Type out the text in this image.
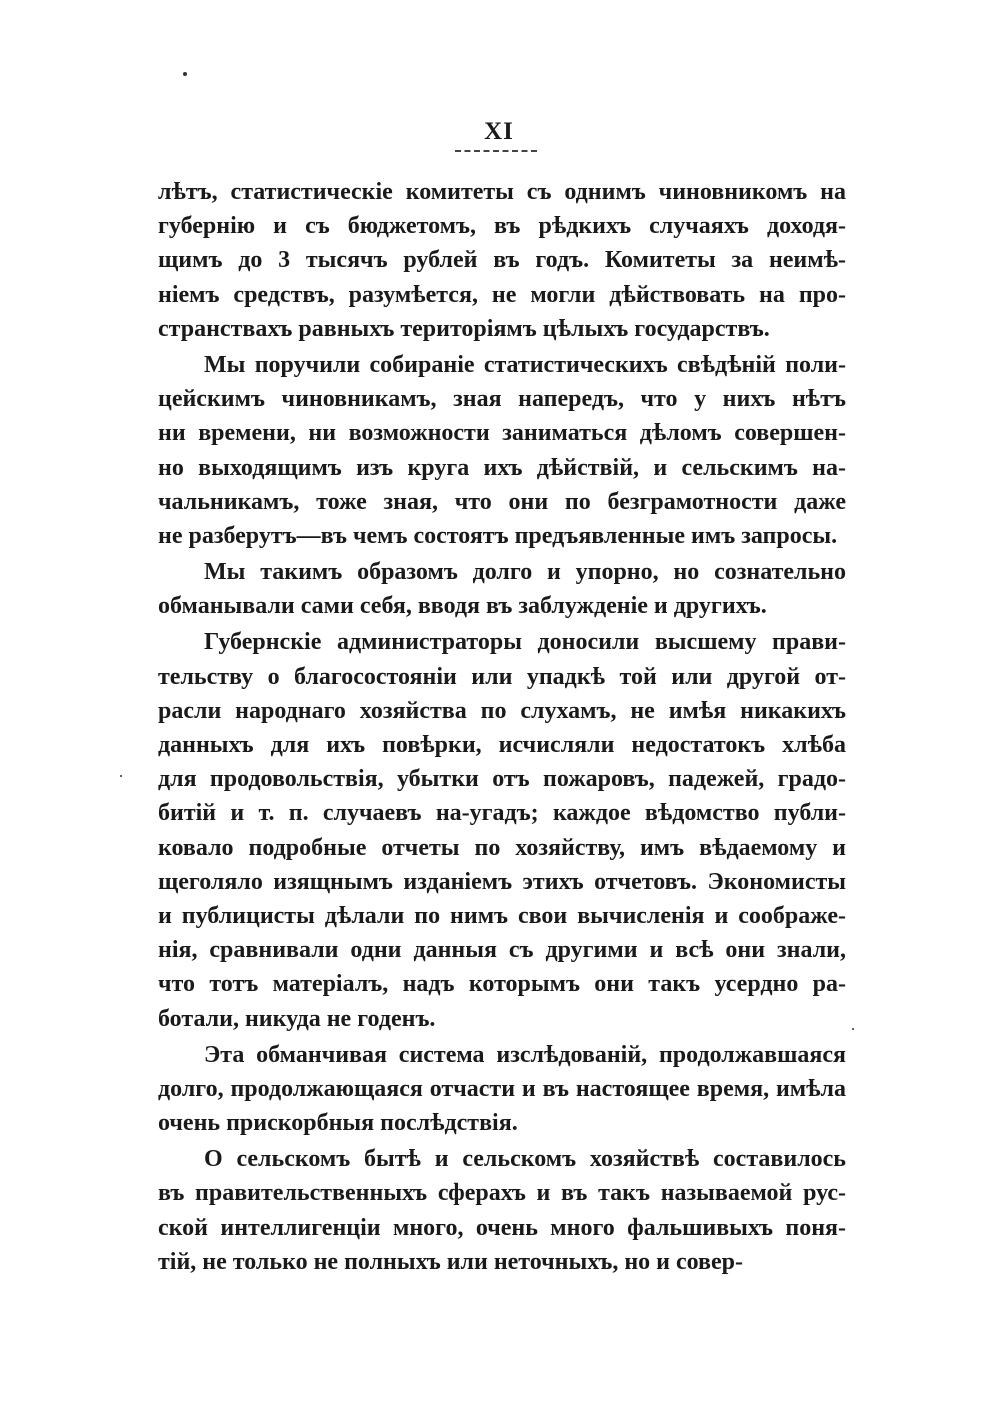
XI
лѣтъ, статистическіе комитеты съ однимъ чиновникомъ на
губернію и съ бюджетомъ, въ рѣдкихъ случаяхъ доходя-
щимъ до 3 тысячъ рублей въ годъ. Комитеты за неимѣ-
ніемъ средствъ, разумѣется, не могли дѣйствовать на про-
странствахъ равныхъ територіямъ цѣлыхъ государствъ.
Мы поручили собираніе статистическихъ свѣдѣній поли-
цейскимъ чиновникамъ, зная напередъ, что у нихъ нѣтъ
ни времени, ни возможности заниматься дѣломъ совершен-
но выходящимъ изъ круга ихъ дѣйствій, и сельскимъ на-
чальникамъ, тоже зная, что они по безграмотности даже
не разберутъ—въ чемъ состоятъ предъявленные имъ запросы.
Мы такимъ образомъ долго и упорно, но сознательно
обманывали сами себя, вводя въ заблужденіе и другихъ.
Губернскіе администраторы доносили высшему прави-
тельству о благосостояніи или упадкѣ той или другой от-
расли народнаго хозяйства по слухамъ, не имѣя никакихъ
данныхъ для ихъ повѣрки, исчисляли недостатокъ хлѣба
для продовольствія, убытки отъ пожаровъ, падежей, градо-
битій и т. п. случаевъ на-угадъ; каждое вѣдомство публи-
ковало подробные отчеты по хозяйству, имъ вѣдаемому и
щеголяло изящнымъ изданіемъ этихъ отчетовъ. Экономисты
и публицисты дѣлали по нимъ свои вычисленія и соображе-
нія, сравнивали одни данныя съ другими и всѣ они знали,
что тотъ матеріалъ, надъ которымъ они такъ усердно ра-
ботали, никуда не годенъ.
Эта обманчивая система изслѣдованій, продолжавшаяся
долго, продолжающаяся отчасти и въ настоящее время, имѣла
очень прискорбныя послѣдствія.
О сельскомъ бытѣ и сельскомъ хозяйствѣ составилось
въ правительственныхъ сферахъ и въ такъ называемой рус-
ской интеллигенціи много, очень много фальшивыхъ поня-
тій, не только не полныхъ или неточныхъ, но и совер-
